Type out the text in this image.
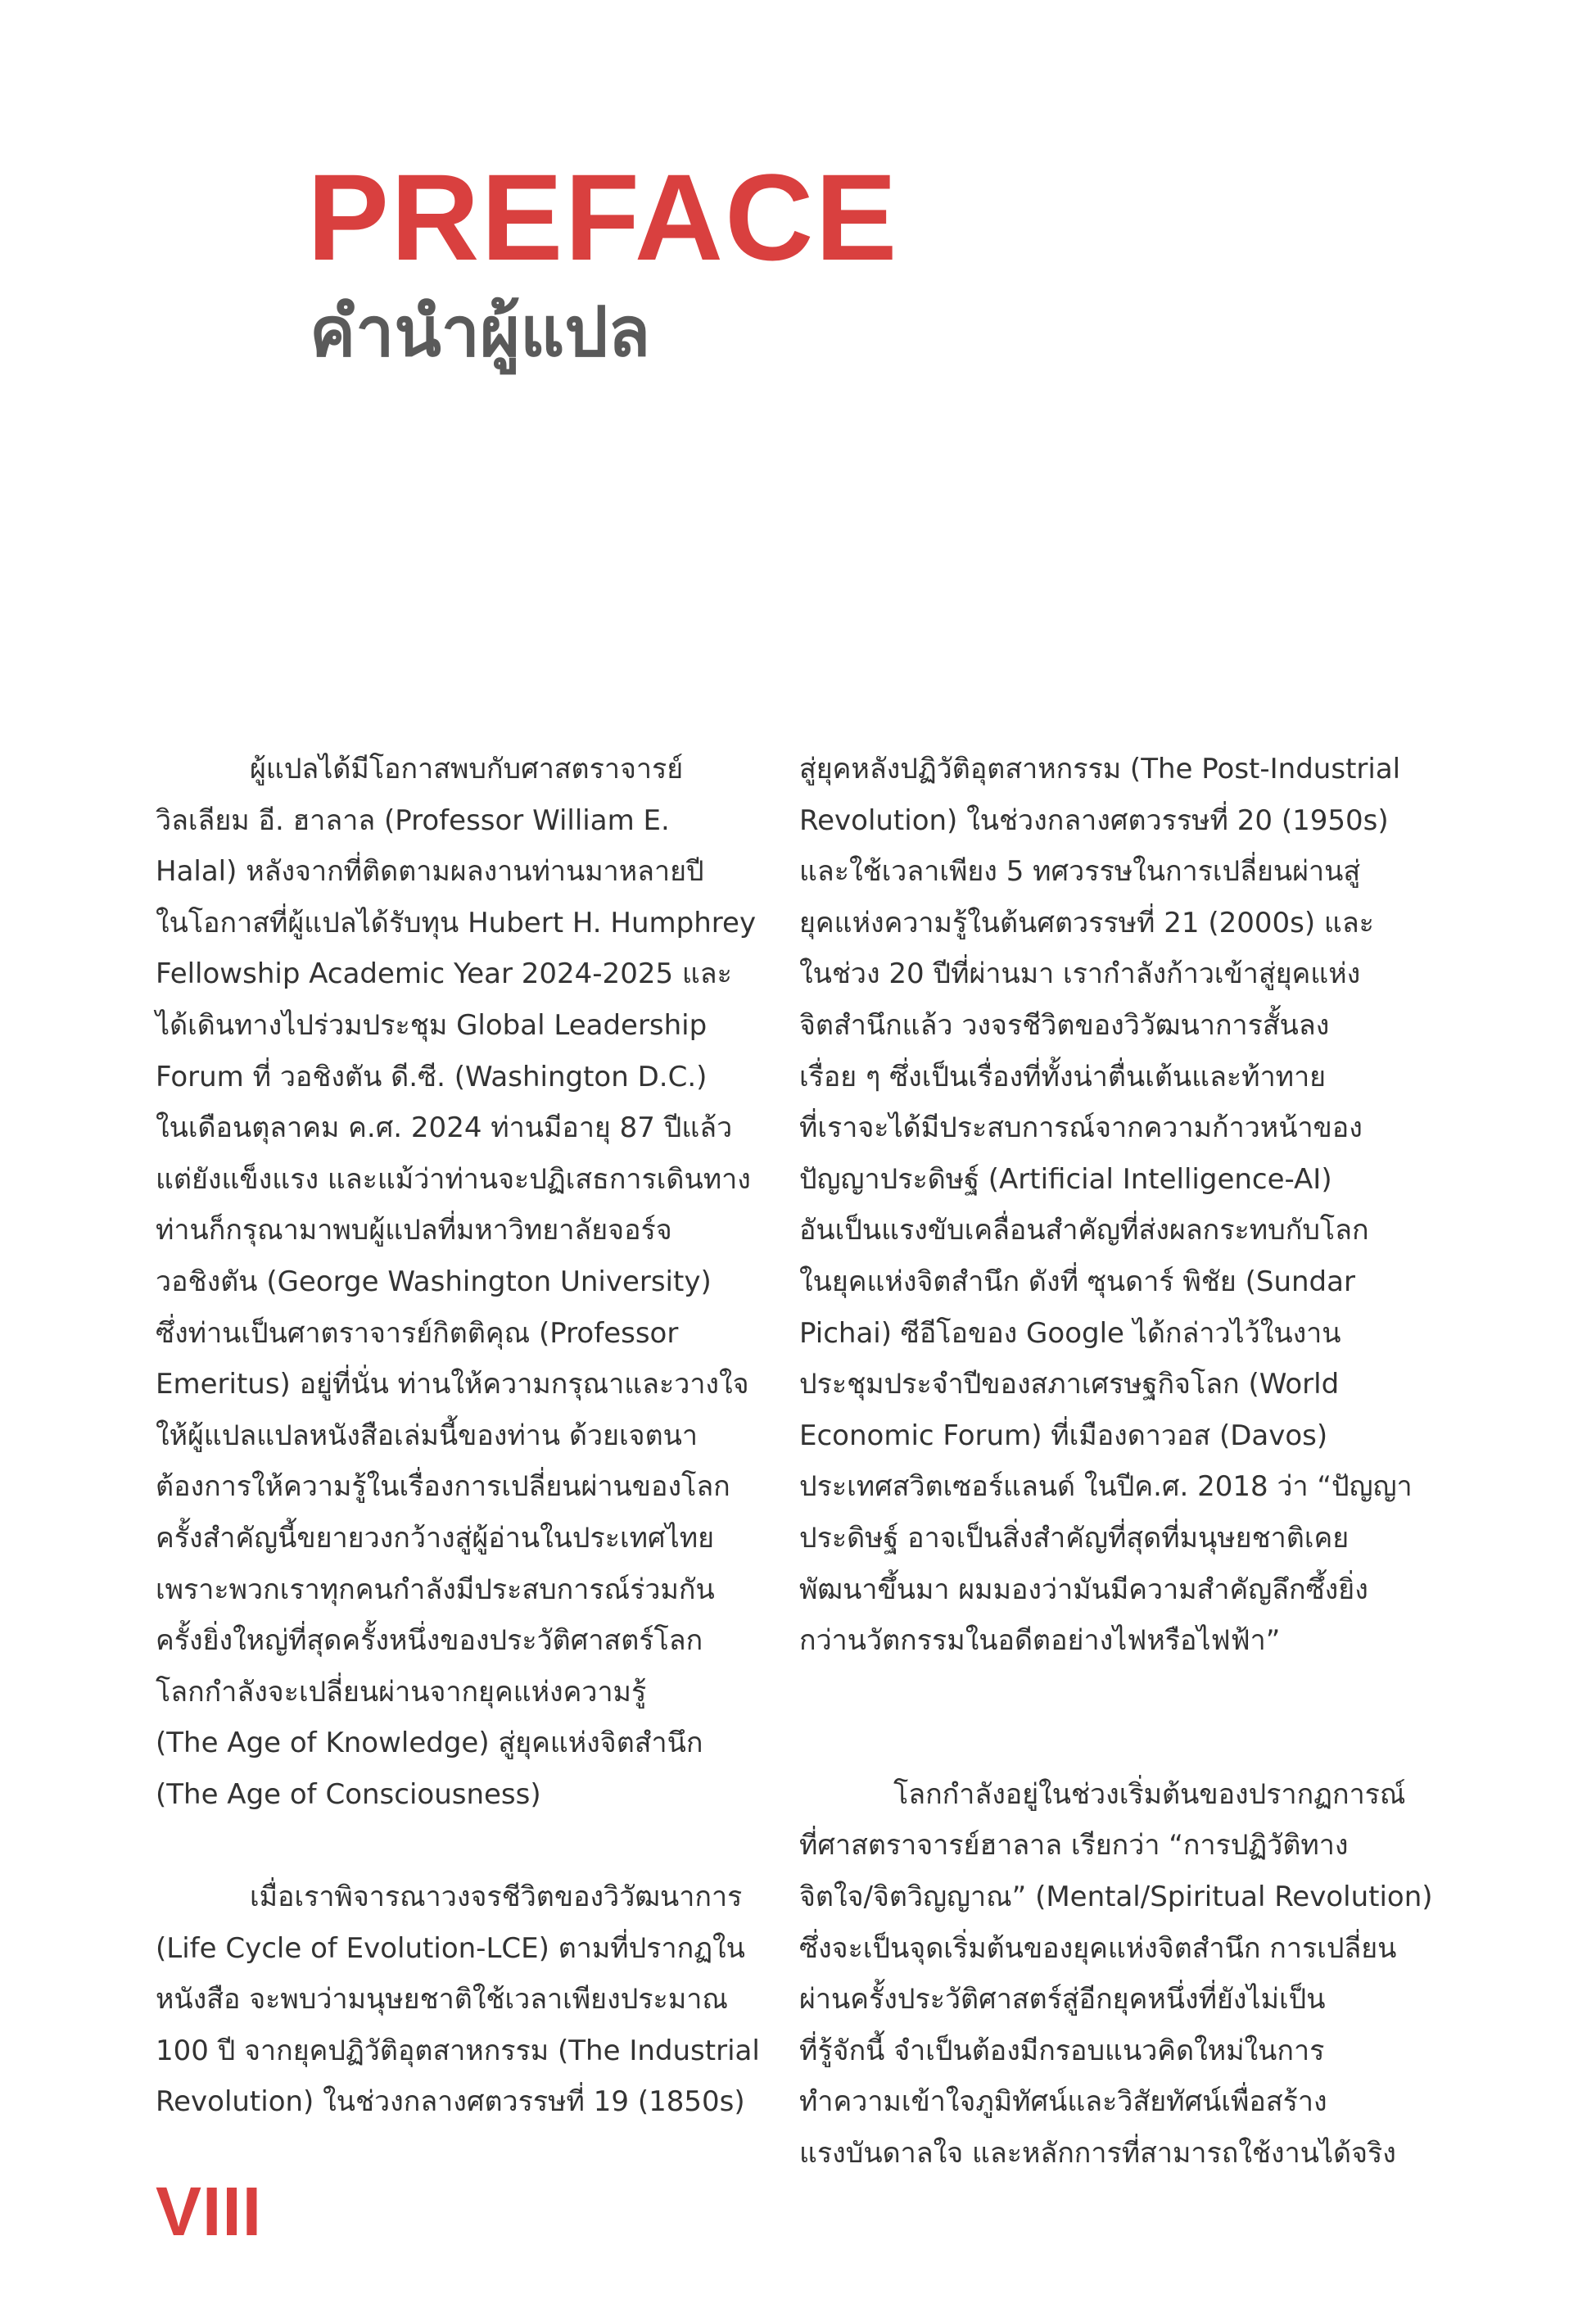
PREFACE
คำนำผู้แปล
ผู้แปลได้มีโอกาสพบกับศาสตราจารย์
วิลเลียม อี. ฮาลาล (Professor William E.
Halal) หลังจากที่ติดตามผลงานท่านมาหลายปี
ในโอกาสที่ผู้แปลได้รับทุน Hubert H. Humphrey
Fellowship Academic Year 2024-2025 และ
ได้เดินทางไปร่วมประชุม Global Leadership
Forum ที่ วอชิงตัน ดี.ซี. (Washington D.C.)
ในเดือนตุลาคม ค.ศ. 2024 ท่านมีอายุ 87 ปีแล้ว
แต่ยังแข็งแรง และแม้ว่าท่านจะปฏิเสธการเดินทาง
ท่านก็กรุณามาพบผู้แปลที่มหาวิทยาลัยจอร์จ
วอชิงตัน (George Washington University)
ซึ่งท่านเป็นศาตราจารย์กิตติคุณ (Professor
Emeritus) อยู่ที่นั่น ท่านให้ความกรุณาและวางใจ
ให้ผู้แปลแปลหนังสือเล่มนี้ของท่าน ด้วยเจตนา
ต้องการให้ความรู้ในเรื่องการเปลี่ยนผ่านของโลก
ครั้งสำคัญนี้ขยายวงกว้างสู่ผู้อ่านในประเทศไทย
เพราะพวกเราทุกคนกำลังมีประสบการณ์ร่วมกัน
ครั้งยิ่งใหญ่ที่สุดครั้งหนึ่งของประวัติศาสตร์โลก
โลกกำลังจะเปลี่ยนผ่านจากยุคแห่งความรู้
(The Age of Knowledge) สู่ยุคแห่งจิตสำนึก
(The Age of Consciousness)
เมื่อเราพิจารณาวงจรชีวิตของวิวัฒนาการ
(Life Cycle of Evolution-LCE) ตามที่ปรากฏใน
หนังสือ จะพบว่ามนุษยชาติใช้เวลาเพียงประมาณ
100 ปี จากยุคปฏิวัติอุตสาหกรรม (The Industrial
Revolution) ในช่วงกลางศตวรรษที่ 19 (1850s)
สู่ยุคหลังปฏิวัติอุตสาหกรรม (The Post-Industrial
Revolution) ในช่วงกลางศตวรรษที่ 20 (1950s)
และใช้เวลาเพียง 5 ทศวรรษในการเปลี่ยนผ่านสู่
ยุคแห่งความรู้ในต้นศตวรรษที่ 21 (2000s) และ
ในช่วง 20 ปีที่ผ่านมา เรากำลังก้าวเข้าสู่ยุคแห่ง
จิตสำนึกแล้ว วงจรชีวิตของวิวัฒนาการสั้นลง
เรื่อย ๆ ซึ่งเป็นเรื่องที่ทั้งน่าตื่นเต้นและท้าทาย
ที่เราจะได้มีประสบการณ์จากความก้าวหน้าของ
ปัญญาประดิษฐ์ (Artificial Intelligence-AI)
อันเป็นแรงขับเคลื่อนสำคัญที่ส่งผลกระทบกับโลก
ในยุคแห่งจิตสำนึก ดังที่ ซุนดาร์ พิชัย (Sundar
Pichai) ซีอีโอของ Google ได้กล่าวไว้ในงาน
ประชุมประจำปีของสภาเศรษฐกิจโลก (World
Economic Forum) ที่เมืองดาวอส (Davos)
ประเทศสวิตเซอร์แลนด์ ในปีค.ศ. 2018 ว่า “ปัญญา
ประดิษฐ์ อาจเป็นสิ่งสำคัญที่สุดที่มนุษยชาติเคย
พัฒนาขึ้นมา ผมมองว่ามันมีความสำคัญลึกซึ้งยิ่ง
กว่านวัตกรรมในอดีตอย่างไฟหรือไฟฟ้า”
โลกกำลังอยู่ในช่วงเริ่มต้นของปรากฏการณ์
ที่ศาสตราจารย์ฮาลาล เรียกว่า “การปฏิวัติทาง
จิตใจ/จิตวิญญาณ” (Mental/Spiritual Revolution)
ซึ่งจะเป็นจุดเริ่มต้นของยุคแห่งจิตสำนึก การเปลี่ยน
ผ่านครั้งประวัติศาสตร์สู่อีกยุคหนึ่งที่ยังไม่เป็น
ที่รู้จักนี้ จำเป็นต้องมีกรอบแนวคิดใหม่ในการ
ทำความเข้าใจภูมิทัศน์และวิสัยทัศน์เพื่อสร้าง
แรงบันดาลใจ และหลักการที่สามารถใช้งานได้จริง
VIII
